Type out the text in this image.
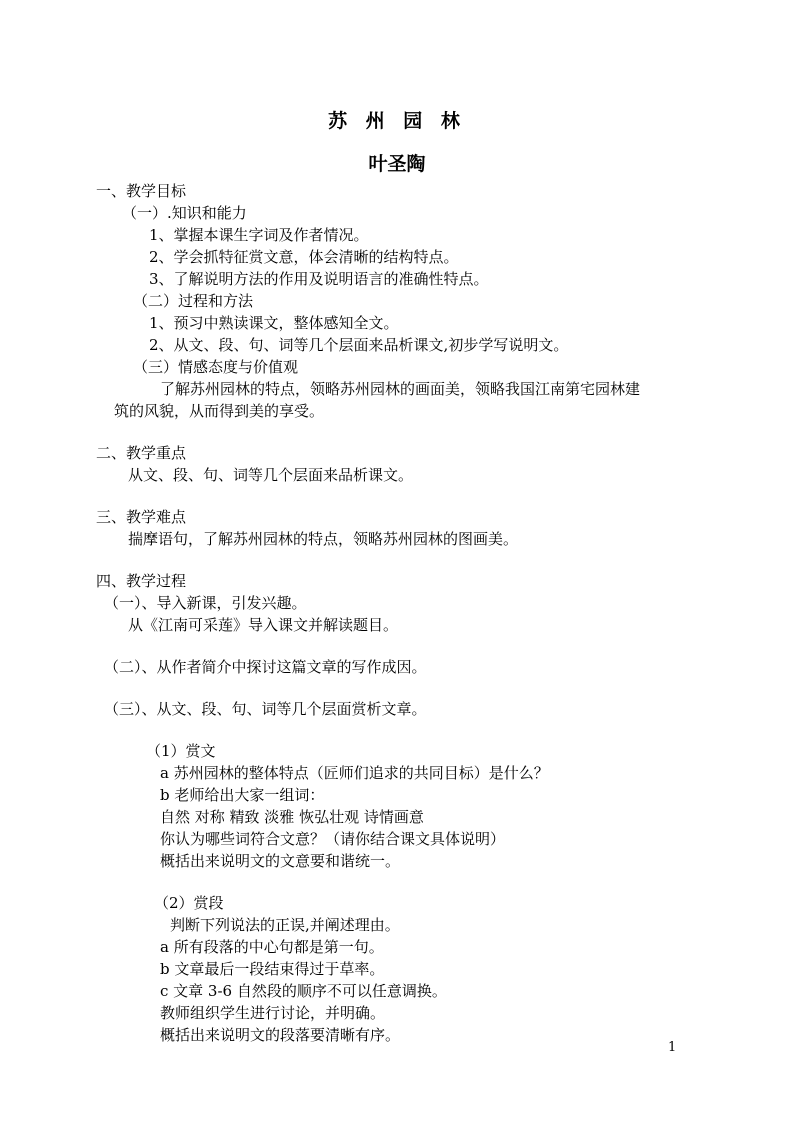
苏 州 园 林
叶圣陶
一、教学目标
（一）.知识和能力
1、掌握本课生字词及作者情况。
2、学会抓特征赏文意，体会清晰的结构特点。
3、了解说明方法的作用及说明语言的准确性特点。
（二）过程和方法
1、预习中熟读课文，整体感知全文。
2、从文、段、句、词等几个层面来品析课文,初步学写说明文。
（三）情感态度与价值观
了解苏州园林的特点，领略苏州园林的画面美，领略我国江南第宅园林建
筑的风貌，从而得到美的享受。
二、教学重点
从文、段、句、词等几个层面来品析课文。
三、教学难点
揣摩语句，了解苏州园林的特点，领略苏州园林的图画美。
四、教学过程
（一）、导入新课，引发兴趣。
从《江南可采莲》导入课文并解读题目。
（二）、从作者简介中探讨这篇文章的写作成因。
（三）、从文、段、句、词等几个层面赏析文章。
（1）赏文
a 苏州园林的整体特点（匠师们追求的共同目标）是什么？
b 老师给出大家一组词：
自然 对称 精致 淡雅 恢弘壮观 诗情画意
你认为哪些词符合文意？（请你结合课文具体说明）
概括出来说明文的文意要和谐统一。
（2）赏段
判断下列说法的正误,并阐述理由。
a 所有段落的中心句都是第一句。
b 文章最后一段结束得过于草率。
c 文章 3-6 自然段的顺序不可以任意调换。
教师组织学生进行讨论，并明确。
概括出来说明文的段落要清晰有序。
1
